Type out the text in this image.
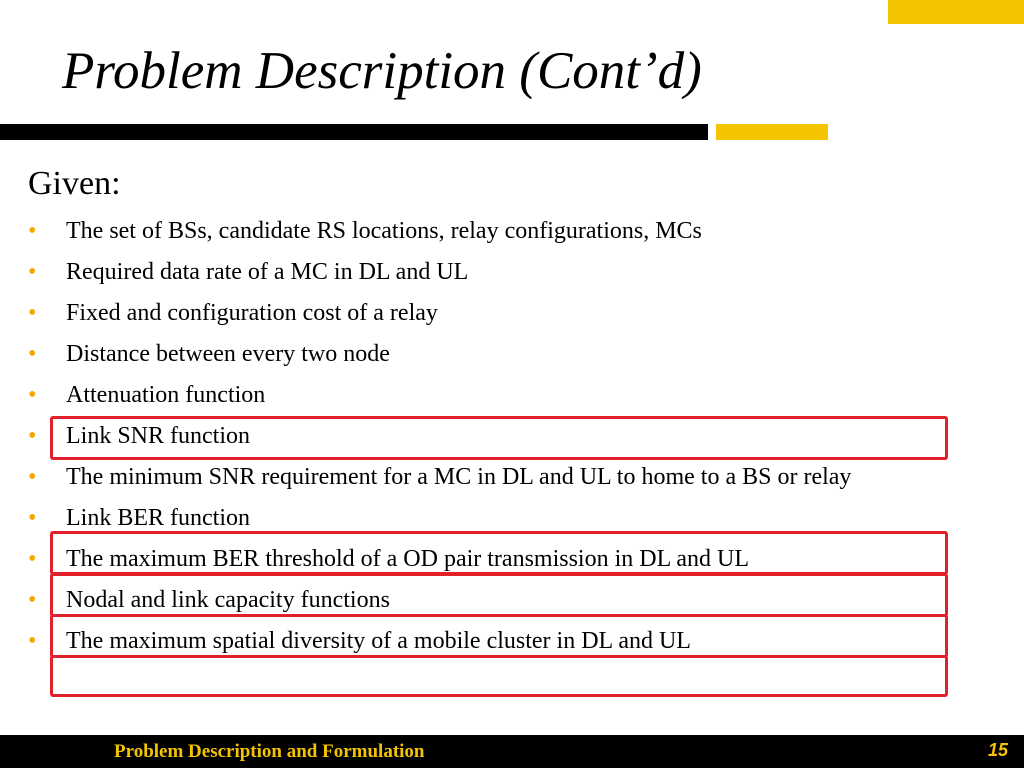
Problem Description (Cont’d)
Given:
• The set of BSs, candidate RS locations, relay configurations, MCs
• Required data rate of a MC in DL and UL
• Fixed and configuration cost of a relay
• Distance between every two node
• Attenuation function
• Link SNR function
• The minimum SNR requirement for a MC in DL and UL to home to a BS or relay
• Link BER function
• The maximum BER threshold of a OD pair transmission in DL and UL
• Nodal and link capacity functions
• The maximum spatial diversity of a mobile cluster in DL and UL
Problem Description and Formulation	15
